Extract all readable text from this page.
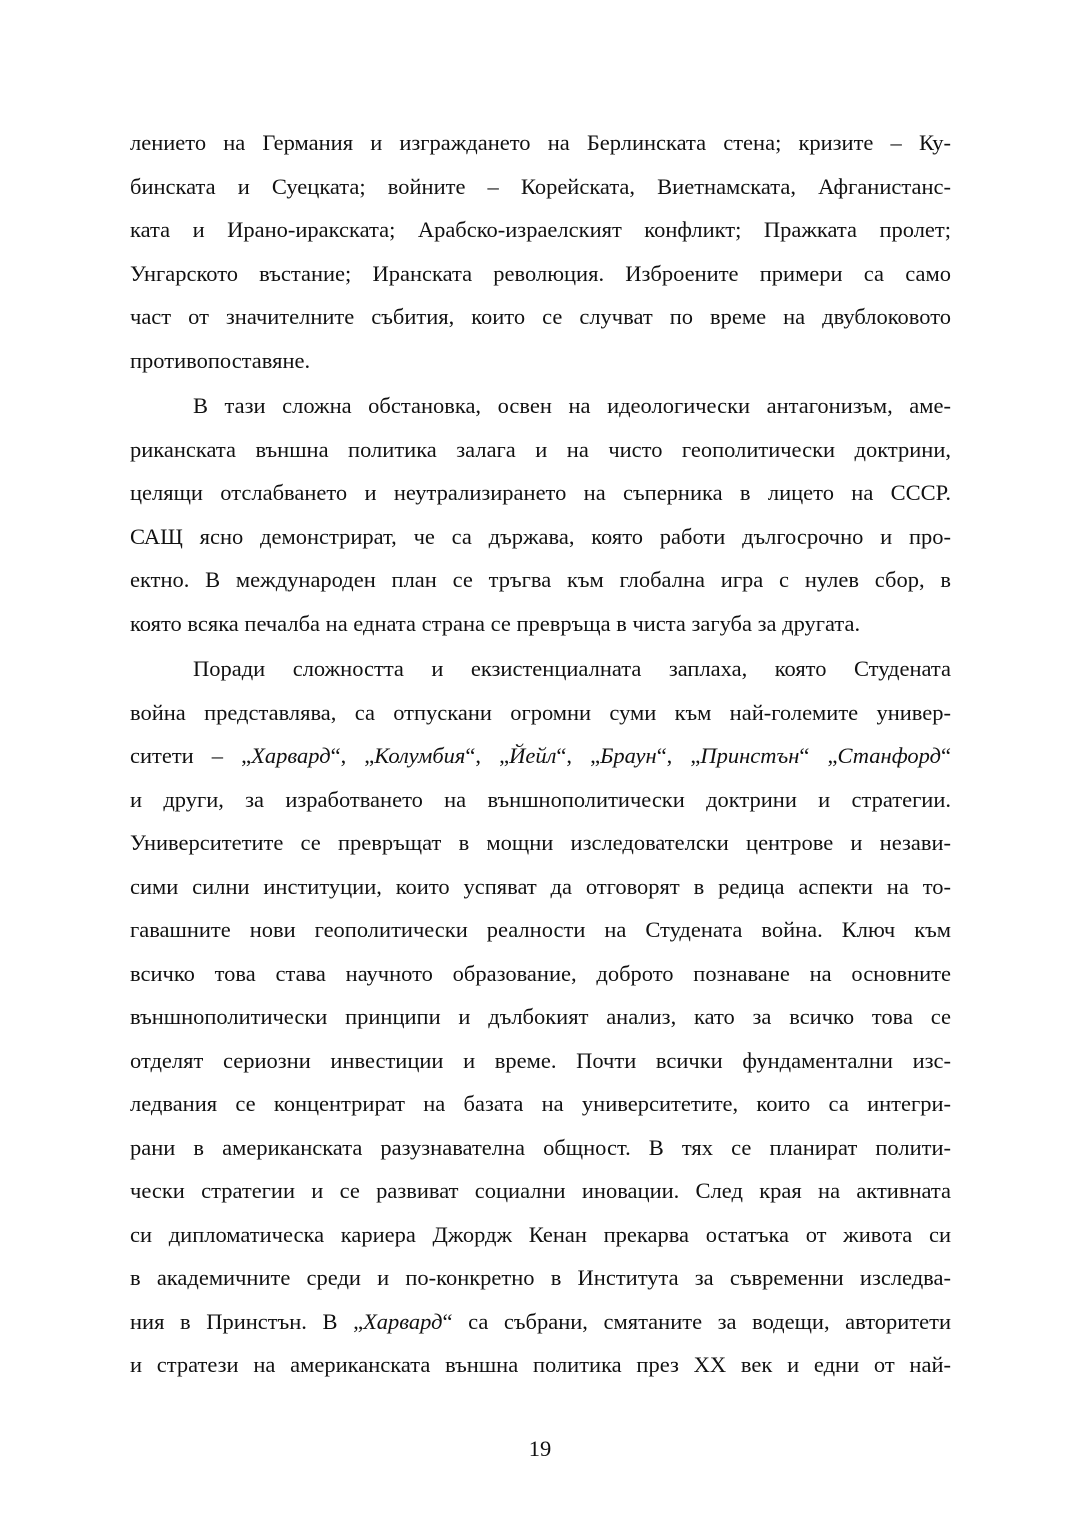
лението на Германия и изграждането на Берлинската стена; кризите – Ку-
бинската и Суецката; войните – Корейската, Виетнамската, Афганистанс-
ката и Ирано-иракската; Арабско-израелският конфликт; Пражката пролет;
Унгарското въстание; Иранската революция. Изброените примери са само
част от значителните събития, които се случват по време на двублоковото
противопоставяне.
В тази сложна обстановка, освен на идеологически антагонизъм, аме-
риканската външна политика залага и на чисто геополитически доктрини,
целящи отслабването и неутрализирането на съперника в лицето на СССР.
САЩ ясно демонстрират, че са държава, която работи дългосрочно и про-
ектно. В международен план се тръгва към глобална игра с нулев сбор, в
която всяка печалба на едната страна се превръща в чиста загуба за другата.
Поради сложността и екзистенциалната заплаха, която Студената
война представлява, са отпускани огромни суми към най-големите универ-
ситети – „Харвард“, „Колумбия“, „Йейл“, „Браун“, „Принстън“ „Станфорд“
и други, за изработването на външнополитически доктрини и стратегии.
Университетите се превръщат в мощни изследователски центрове и незави-
сими силни институции, които успяват да отговорят в редица аспекти на то-
гавашните нови геополитически реалности на Студената война. Ключ към
всичко това става научното образование, доброто познаване на основните
външнополитически принципи и дълбокият анализ, като за всичко това се
отделят сериозни инвестиции и време. Почти всички фундаментални изс-
ледвания се концентрират на базата на университетите, които са интегри-
рани в американската разузнавателна общност. В тях се планират полити-
чески стратегии и се развиват социални иновации. След края на активната
си дипломатическа кариера Джордж Кенан прекарва остатъка от живота си
в академичните среди и по-конкретно в Института за съвременни изследва-
ния в Принстън. В „Харвард“ са събрани, смятаните за водещи, авторитети
и стратези на американската външна политика през XX век и едни от най-
19
